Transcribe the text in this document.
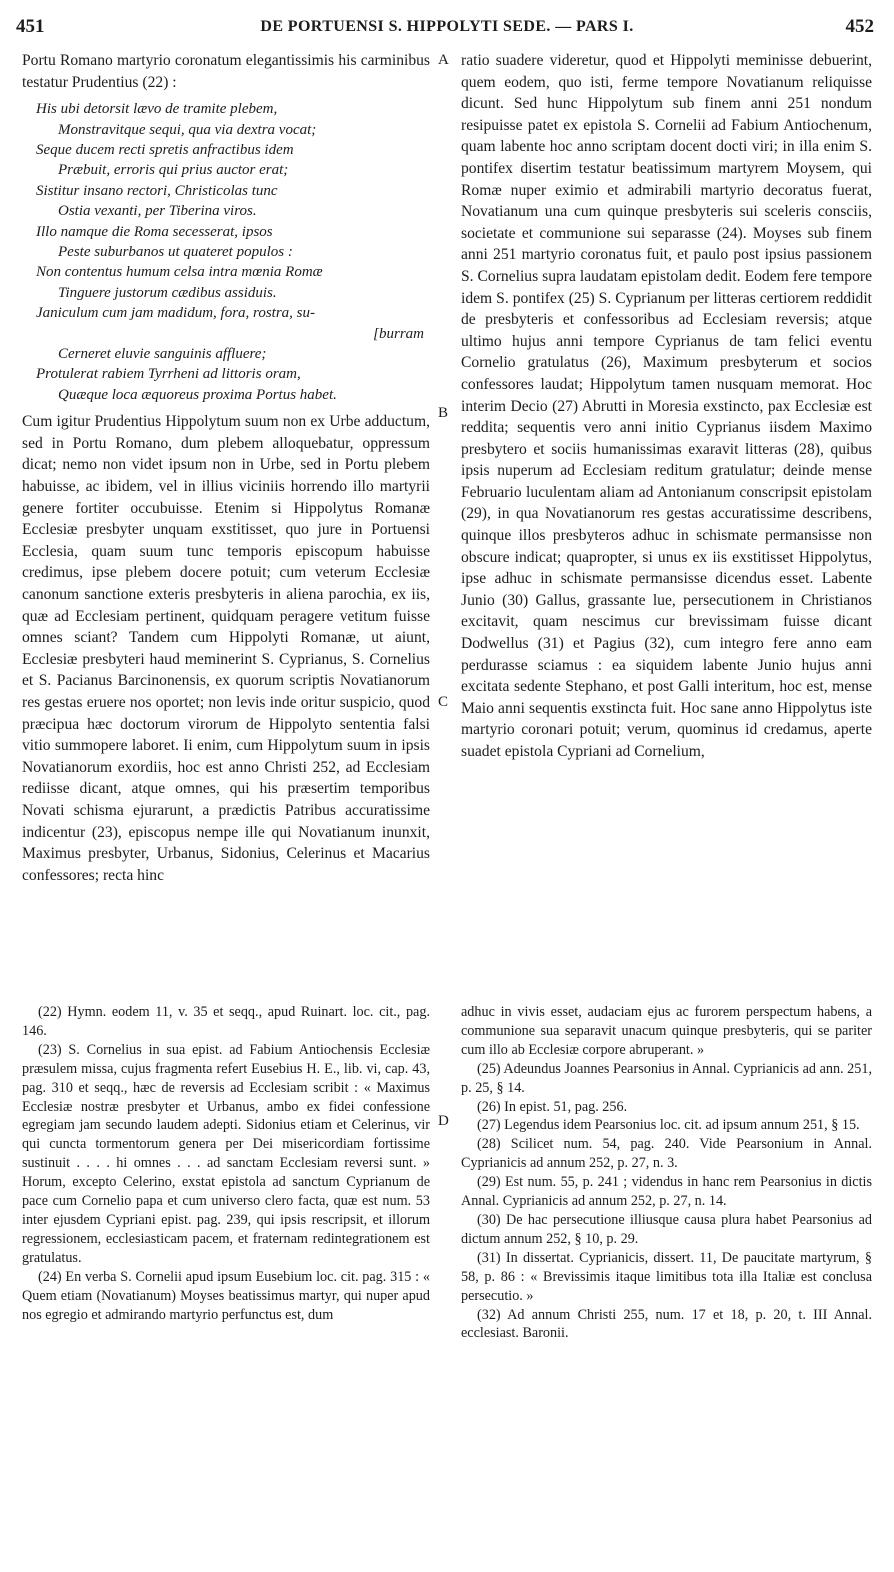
451	DE PORTUENSI S. HIPPOLYTI SEDE. — PARS I.	452
A
B
C
D

Portu Romano martyrio coronatum elegantissimis his carminibus testatur Prudentius (22) :

His ubi detorsit lævo de tramite plebem,
Monstravitque sequi, qua via dextra vocat;
Seque ducem recti spretis anfractibus idem
Præbuit, erroris qui prius auctor erat;
Sistitur insano rectori, Christicolas tunc
Ostia vexanti, per Tiberina viros.
Illo namque die Roma secesserat, ipsos
Peste suburbanos ut quateret populos :
Non contentus humum celsa intra mœnia Romæ
Tinguere justorum cædibus assiduis.
Janiculum cum jam madidum, fora, rostra, su-
[burram
Cerneret eluvie sanguinis affluere;
Protulerat rabiem Tyrrheni ad littoris oram,
Quæque loca æquoreus proxima Portus habet.

Cum igitur Prudentius Hippolytum suum non ex Urbe adductum, sed in Portu Romano, dum plebem alloquebatur, oppressum dicat; nemo non videt ipsum non in Urbe, sed in Portu plebem habuisse, ac ibidem, vel in illius viciniis horrendo illo martyrii genere fortiter occubuisse. Etenim si Hippolytus Romanæ Ecclesiæ presbyter unquam exstitisset, quo jure in Portuensi Ecclesia, quam suum tunc temporis episcopum habuisse credimus, ipse plebem docere potuit; cum veterum Ecclesiæ canonum sanctione exteris presbyteris in aliena parochia, ex iis, quæ ad Ecclesiam pertinent, quidquam peragere vetitum fuisse omnes sciant? Tandem cum Hippolyti Romanæ, ut aiunt, Ecclesiæ presbyteri haud meminerint S. Cyprianus, S. Cornelius et S. Pacianus Barcinonensis, ex quorum scriptis Novatianorum res gestas eruere nos oportet; non levis inde oritur suspicio, quod præcipua hæc doctorum virorum de Hippolyto sententia falsi vitio summopere laboret. Ii enim, cum Hippolytum suum in ipsis Novatianorum exordiis, hoc est anno Christi 252, ad Ecclesiam rediisse dicant, atque omnes, qui his præsertim temporibus Novati schisma ejurarunt, a prædictis Patribus accuratissime indicentur (23), episcopus nempe ille qui Novatianum inunxit, Maximus presbyter, Urbanus, Sidonius, Celerinus et Macarius confessores; recta hinc

ratio suadere videretur, quod et Hippolyti meminisse debuerint, quem eodem, quo isti, ferme tempore Novatianum reliquisse dicunt. Sed hunc Hippolytum sub finem anni 251 nondum resipuisse patet ex epistola S. Cornelii ad Fabium Antiochenum, quam labente hoc anno scriptam docent docti viri; in illa enim S. pontifex disertim testatur beatissimum martyrem Moysem, qui Romæ nuper eximio et admirabili martyrio decoratus fuerat, Novatianum una cum quinque presbyteris sui sceleris consciis, societate et communione sui separasse (24). Moyses sub finem anni 251 martyrio coronatus fuit, et paulo post ipsius passionem S. Cornelius supra laudatam epistolam dedit. Eodem fere tempore idem S. pontifex (25) S. Cyprianum per litteras certiorem reddidit de presbyteris et confessoribus ad Ecclesiam reversis; atque ultimo hujus anni tempore Cyprianus de tam felici eventu Cornelio gratulatus (26), Maximum presbyterum et socios confessores laudat; Hippolytum tamen nusquam memorat. Hoc interim Decio (27) Abrutti in Moresia exstincto, pax Ecclesiæ est reddita; sequentis vero anni initio Cyprianus iisdem Maximo presbytero et sociis humanissimas exaravit litteras (28), quibus ipsis nuperum ad Ecclesiam reditum gratulatur; deinde mense Februario luculentam aliam ad Antonianum conscripsit epistolam (29), in qua Novatianorum res gestas accuratissime describens, quinque illos presbyteros adhuc in schismate permansisse non obscure indicat; quapropter, si unus ex iis exstitisset Hippolytus, ipse adhuc in schismate permansisse dicendus esset. Labente Junio (30) Gallus, grassante lue, persecutionem in Christianos excitavit, quam nescimus cur brevissimam fuisse dicant Dodwellus (31) et Pagius (32), cum integro fere anno eam perdurasse sciamus : ea siquidem labente Junio hujus anni excitata sedente Stephano, et post Galli interitum, hoc est, mense Maio anni sequentis exstincta fuit. Hoc sane anno Hippolytus iste martyrio coronari potuit; verum, quominus id credamus, aperte suadet epistola Cypriani ad Cornelium,

(22) Hymn. eodem 11, v. 35 et seqq., apud Ruinart. loc. cit., pag. 146.

(23) S. Cornelius in sua epist. ad Fabium Antiochensis Ecclesiæ præsulem missa, cujus fragmenta refert Eusebius H. E., lib. vi, cap. 43, pag. 310 et seqq., hæc de reversis ad Ecclesiam scribit : « Maximus Ecclesiæ nostræ presbyter et Urbanus, ambo ex fidei confessione egregiam jam secundo laudem adepti. Sidonius etiam et Celerinus, vir qui cuncta tormentorum genera per Dei misericordiam fortissime sustinuit . . . . hi omnes . . . ad sanctam Ecclesiam reversi sunt. » Horum, excepto Celerino, exstat epistola ad sanctum Cyprianum de pace cum Cornelio papa et cum universo clero facta, quæ est num. 53 inter ejusdem Cypriani epist. pag. 239, qui ipsis rescripsit, et illorum regressionem, ecclesiasticam pacem, et fraternam redintegrationem est gratulatus.

(24) En verba S. Cornelii apud ipsum Eusebium loc. cit. pag. 315 : « Quem etiam (Novatianum) Moyses beatissimus martyr, qui nuper apud nos egregio et admirando martyrio perfunctus est, dum

adhuc in vivis esset, audaciam ejus ac furorem perspectum habens, a communione sua separavit unacum quinque presbyteris, qui se pariter cum illo ab Ecclesiæ corpore abruperant. »

(25) Adeundus Joannes Pearsonius in Annal. Cyprianicis ad ann. 251, p. 25, § 14.

(26) In epist. 51, pag. 256.

(27) Legendus idem Pearsonius loc. cit. ad ipsum annum 251, § 15.

(28) Scilicet num. 54, pag. 240. Vide Pearsonium in Annal. Cyprianicis ad annum 252, p. 27, n. 3.

(29) Est num. 55, p. 241 ; videndus in hanc rem Pearsonius in dictis Annal. Cyprianicis ad annum 252, p. 27, n. 14.

(30) De hac persecutione illiusque causa plura habet Pearsonius ad dictum annum 252, § 10, p. 29.

(31) In dissertat. Cyprianicis, dissert. 11, De paucitate martyrum, § 58, p. 86 : « Brevissimis itaque limitibus tota illa Italiæ est conclusa persecutio. »

(32) Ad annum Christi 255, num. 17 et 18, p. 20, t. III Annal. ecclesiast. Baronii.
